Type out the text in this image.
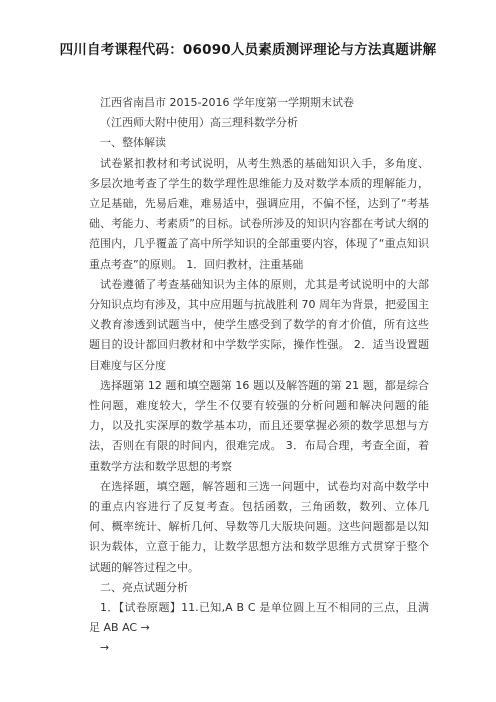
四川自考课程代码：06090人员素质测评理论与方法真题讲解

江西省南昌市 2015-2016 学年度第一学期期末试卷

（江西师大附中使用）高三理科数学分析

一、整体解读

试卷紧扣教材和考试说明，从考生熟悉的基础知识入手，多角度、多层次地考查了学生的数学理性思维能力及对数学本质的理解能力，立足基础，先易后难，难易适中，强调应用，不偏不怪，达到了“考基础、考能力、考素质”的目标。试卷所涉及的知识内容都在考试大纲的范围内，几乎覆盖了高中所学知识的全部重要内容，体现了“重点知识重点考查”的原则。 1．回归教材，注重基础

试卷遵循了考查基础知识为主体的原则，尤其是考试说明中的大部分知识点均有涉及，其中应用题与抗战胜利 70 周年为背景，把爱国主义教育渗透到试题当中，使学生感受到了数学的育才价值，所有这些题目的设计都回归教材和中学数学实际，操作性强。 2．适当设置题目难度与区分度

选择题第 12 题和填空题第 16 题以及解答题的第 21 题，都是综合性问题，难度较大，学生不仅要有较强的分析问题和解决问题的能力，以及扎实深厚的数学基本功，而且还要掌握必须的数学思想与方法，否则在有限的时间内，很难完成。 3．布局合理，考查全面，着重数学方法和数学思想的考察

在选择题，填空题，解答题和三选一问题中，试卷均对高中数学中的重点内容进行了反复考查。包括函数，三角函数，数列、立体几何、概率统计、解析几何、导数等几大版块问题。这些问题都是以知识为载体，立意于能力，让数学思想方法和数学思维方式贯穿于整个试题的解答过程之中。

二、亮点试题分析

1．【试卷原题】11.已知,A B C 是单位圆上互不相同的三点，且满足 AB AC →

→
